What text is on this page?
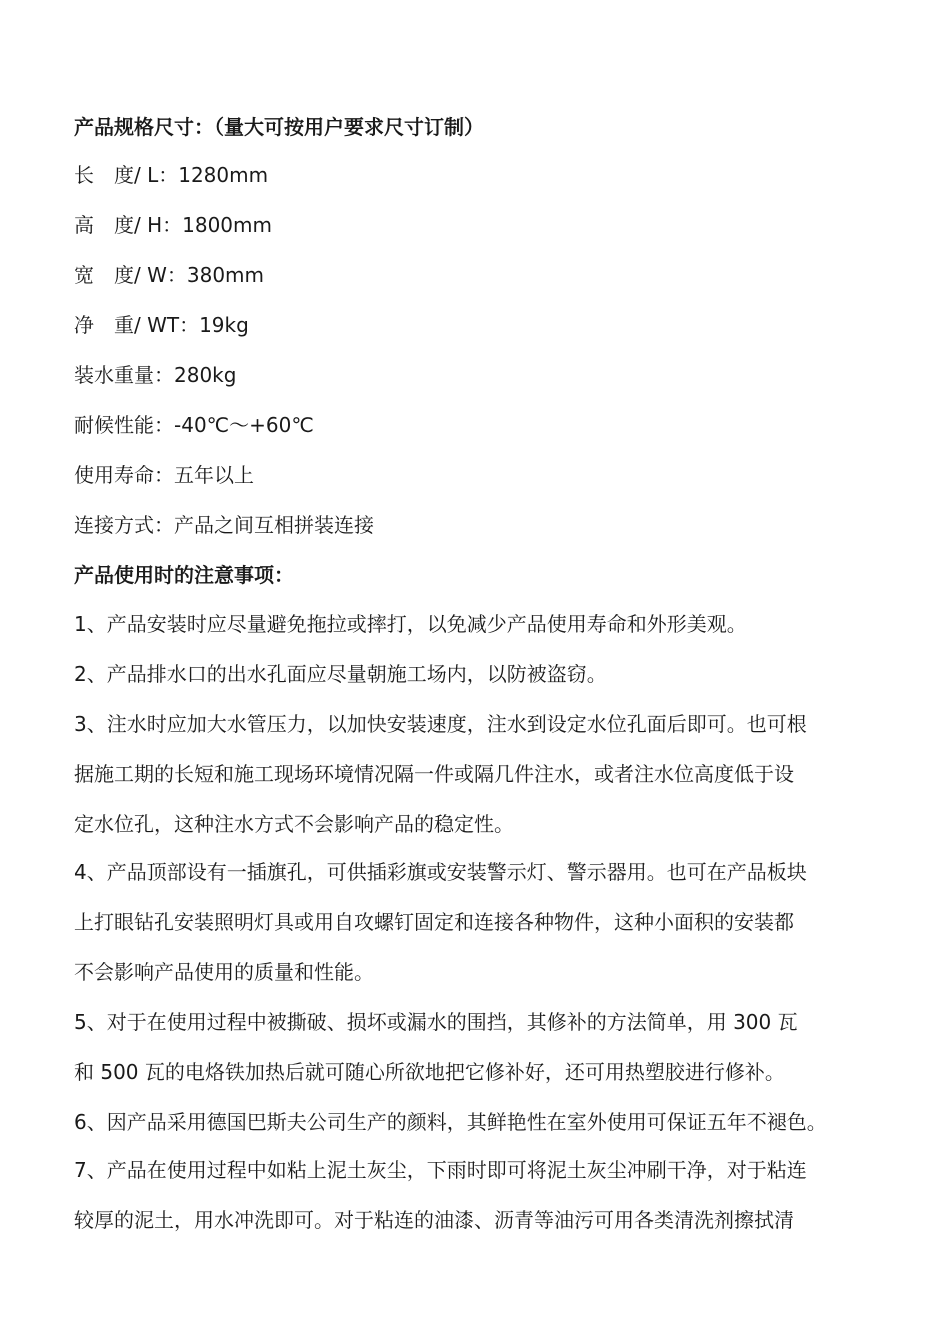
产品规格尺寸：（量大可按用户要求尺寸订制）
长　度/ L：1280mm
高　度/ H：1800mm
宽　度/ W：380mm
净　重/ WT：19kg
装水重量：280kg
耐候性能：-40℃～+60℃
使用寿命：五年以上
连接方式：产品之间互相拼装连接
产品使用时的注意事项：
1、产品安装时应尽量避免拖拉或摔打，以免减少产品使用寿命和外形美观。
2、产品排水口的出水孔面应尽量朝施工场内，以防被盗窃。
3、注水时应加大水管压力，以加快安装速度，注水到设定水位孔面后即可。也可根
据施工期的长短和施工现场环境情况隔一件或隔几件注水，或者注水位高度低于设
定水位孔，这种注水方式不会影响产品的稳定性。
4、产品顶部设有一插旗孔，可供插彩旗或安装警示灯、警示器用。也可在产品板块
上打眼钻孔安装照明灯具或用自攻螺钉固定和连接各种物件，这种小面积的安装都
不会影响产品使用的质量和性能。
5、对于在使用过程中被撕破、损坏或漏水的围挡，其修补的方法简单，用 300 瓦
和 500 瓦的电烙铁加热后就可随心所欲地把它修补好，还可用热塑胶进行修补。
6、因产品采用德国巴斯夫公司生产的颜料，其鲜艳性在室外使用可保证五年不褪色。
7、产品在使用过程中如粘上泥土灰尘，下雨时即可将泥土灰尘冲刷干净，对于粘连
较厚的泥土，用水冲洗即可。对于粘连的油漆、沥青等油污可用各类清洗剂擦拭清
